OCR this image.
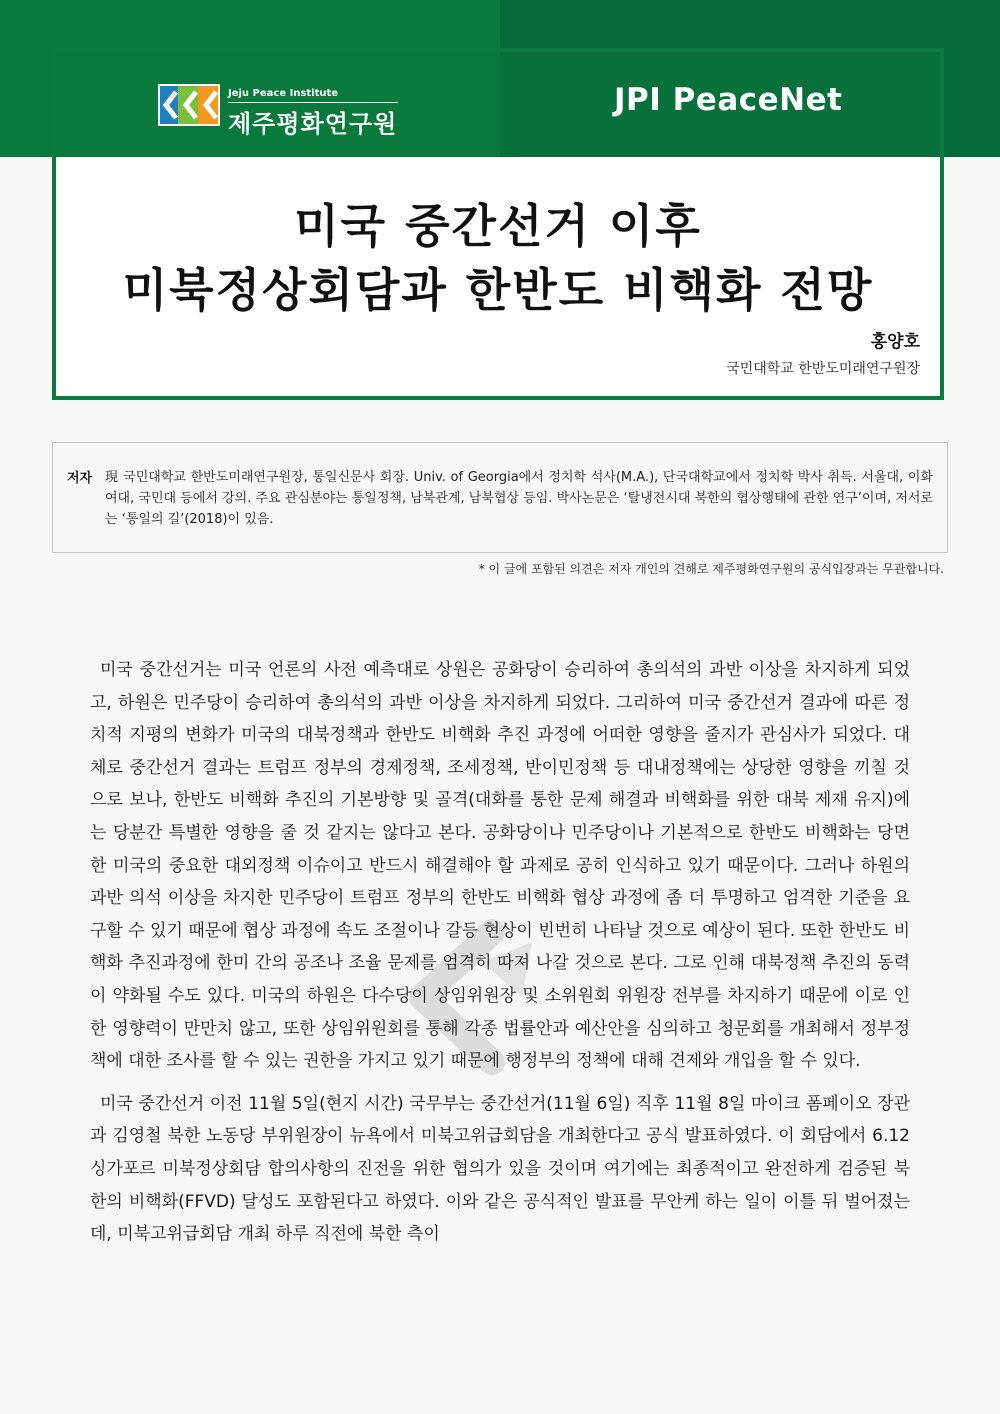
Jeju Peace Institute
제주평화연구원
JPI PeaceNet
미국 중간선거 이후
미북정상회담과 한반도 비핵화 전망
홍양호
국민대학교 한반도미래연구원장
저자 現 국민대학교 한반도미래연구원장, 통일신문사 회장. Univ. of Georgia에서 정치학 석사(M.A.), 단국대학교에서 정치학 박사 취득. 서울대, 이화여대, 국민대 등에서 강의. 주요 관심분야는 통일정책, 남북관계, 남북협상 등임. 박사논문은 ‘탈냉전시대 북한의 협상행태에 관한 연구’이며, 저서로는 ‘통일의 길’(2018)이 있음.
* 이 글에 포함된 의견은 저자 개인의 견해로 제주평화연구원의 공식입장과는 무관합니다.

미국 중간선거는 미국 언론의 사전 예측대로 상원은 공화당이 승리하여 총의석의 과반 이상을 차지하게 되었고, 하원은 민주당이 승리하여 총의석의 과반 이상을 차지하게 되었다. 그리하여 미국 중간선거 결과에 따른 정치적 지평의 변화가 미국의 대북정책과 한반도 비핵화 추진 과정에 어떠한 영향을 줄지가 관심사가 되었다. 대체로 중간선거 결과는 트럼프 정부의 경제정책, 조세정책, 반이민정책 등 대내정책에는 상당한 영향을 끼칠 것으로 보나, 한반도 비핵화 추진의 기본방향 및 골격(대화를 통한 문제 해결과 비핵화를 위한 대북 제재 유지)에는 당분간 특별한 영향을 줄 것 같지는 않다고 본다. 공화당이나 민주당이나 기본적으로 한반도 비핵화는 당면한 미국의 중요한 대외정책 이슈이고 반드시 해결해야 할 과제로 공히 인식하고 있기 때문이다. 그러나 하원의 과반 의석 이상을 차지한 민주당이 트럼프 정부의 한반도 비핵화 협상 과정에 좀 더 투명하고 엄격한 기준을 요구할 수 있기 때문에 협상 과정에 속도 조절이나 갈등 현상이 빈번히 나타날 것으로 예상이 된다. 또한 한반도 비핵화 추진과정에 한미 간의 공조나 조율 문제를 엄격히 따져 나갈 것으로 본다. 그로 인해 대북정책 추진의 동력이 약화될 수도 있다. 미국의 하원은 다수당이 상임위원장 및 소위원회 위원장 전부를 차지하기 때문에 이로 인한 영향력이 만만치 않고, 또한 상임위원회를 통해 각종 법률안과 예산안을 심의하고 청문회를 개최해서 정부정책에 대한 조사를 할 수 있는 권한을 가지고 있기 때문에 행정부의 정책에 대해 견제와 개입을 할 수 있다.

미국 중간선거 이전 11월 5일(현지 시간) 국무부는 중간선거(11월 6일) 직후 11월 8일 마이크 폼페이오 장관과 김영철 북한 노동당 부위원장이 뉴욕에서 미북고위급회담을 개최한다고 공식 발표하였다. 이 회담에서 6.12 싱가포르 미북정상회담 합의사항의 진전을 위한 협의가 있을 것이며 여기에는 최종적이고 완전하게 검증된 북한의 비핵화(FFVD) 달성도 포함된다고 하였다. 이와 같은 공식적인 발표를 무안케 하는 일이 이틀 뒤 벌어졌는데, 미북고위급회담 개최 하루 직전에 북한 측이
